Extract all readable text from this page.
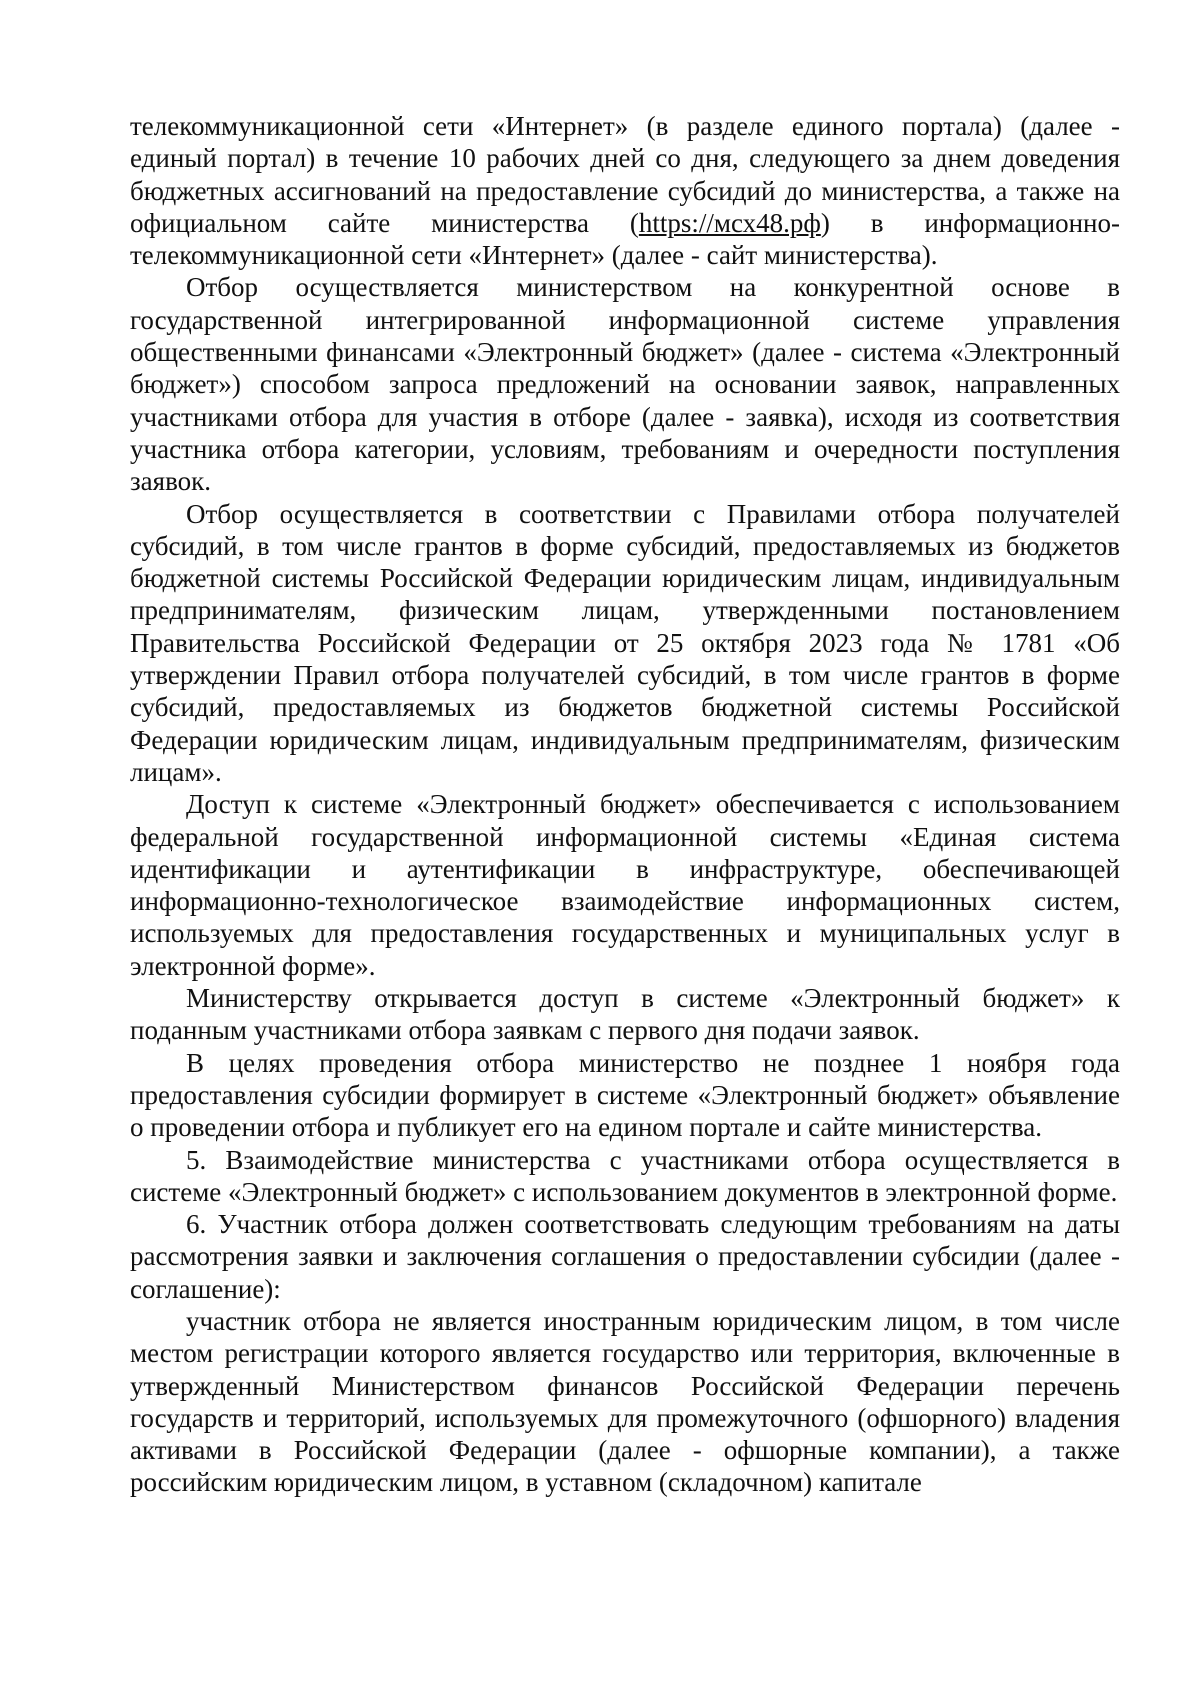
телекоммуникационной сети «Интернет» (в разделе единого портала) (далее - единый портал) в течение 10 рабочих дней со дня, следующего за днем доведения бюджетных ассигнований на предоставление субсидий до министерства, а также на официальном сайте министерства (https://мсх48.рф) в информационно-телекоммуникационной сети «Интернет» (далее - сайт министерства).

Отбор осуществляется министерством на конкурентной основе в государственной интегрированной информационной системе управления общественными финансами «Электронный бюджет» (далее - система «Электронный бюджет») способом запроса предложений на основании заявок, направленных участниками отбора для участия в отборе (далее - заявка), исходя из соответствия участника отбора категории, условиям, требованиям и очередности поступления заявок.

Отбор осуществляется в соответствии с Правилами отбора получателей субсидий, в том числе грантов в форме субсидий, предоставляемых из бюджетов бюджетной системы Российской Федерации юридическим лицам, индивидуальным предпринимателям, физическим лицам, утвержденными постановлением Правительства Российской Федерации от 25 октября 2023 года № 1781 «Об утверждении Правил отбора получателей субсидий, в том числе грантов в форме субсидий, предоставляемых из бюджетов бюджетной системы Российской Федерации юридическим лицам, индивидуальным предпринимателям, физическим лицам».

Доступ к системе «Электронный бюджет» обеспечивается с использованием федеральной государственной информационной системы «Единая система идентификации и аутентификации в инфраструктуре, обеспечивающей информационно-технологическое взаимодействие информационных систем, используемых для предоставления государственных и муниципальных услуг в электронной форме».

Министерству открывается доступ в системе «Электронный бюджет» к поданным участниками отбора заявкам с первого дня подачи заявок.

В целях проведения отбора министерство не позднее 1 ноября года предоставления субсидии формирует в системе «Электронный бюджет» объявление о проведении отбора и публикует его на едином портале и сайте министерства.

5. Взаимодействие министерства с участниками отбора осуществляется в системе «Электронный бюджет» с использованием документов в электронной форме.

6. Участник отбора должен соответствовать следующим требованиям на даты рассмотрения заявки и заключения соглашения о предоставлении субсидии (далее - соглашение):

участник отбора не является иностранным юридическим лицом, в том числе местом регистрации которого является государство или территория, включенные в утвержденный Министерством финансов Российской Федерации перечень государств и территорий, используемых для промежуточного (офшорного) владения активами в Российской Федерации (далее - офшорные компании), а также российским юридическим лицом, в уставном (складочном) капитале
